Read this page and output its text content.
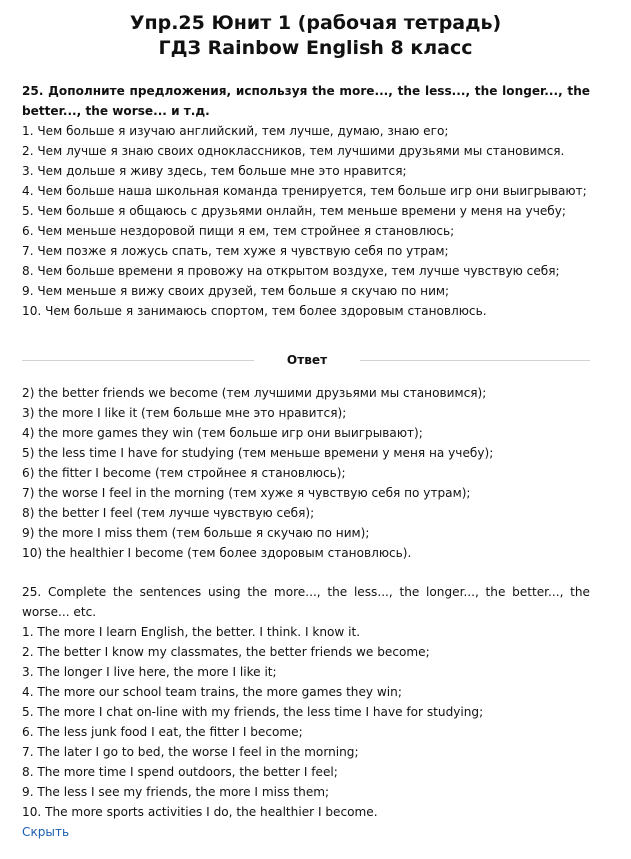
Упр.25 Юнит 1 (рабочая тетрадь)
ГДЗ Rainbow English 8 класс

25. Дополните предложения, используя the more..., the less..., the longer..., the better..., the worse... и т.д.

1. Чем больше я изучаю английский, тем лучше, думаю, знаю его;

2. Чем лучше я знаю своих одноклассников, тем лучшими друзьями мы становимся.

3. Чем дольше я живу здесь, тем больше мне это нравится;

4. Чем больше наша школьная команда тренируется, тем больше игр они выигрывают;

5. Чем больше я общаюсь с друзьями онлайн, тем меньше времени у меня на учебу;

6. Чем меньше нездоровой пищи я ем, тем стройнее я становлюсь;

7. Чем позже я ложусь спать, тем хуже я чувствую себя по утрам;

8. Чем больше времени я провожу на открытом воздухе, тем лучше чувствую себя;

9. Чем меньше я вижу своих друзей, тем больше я скучаю по ним;

10. Чем больше я занимаюсь спортом, тем более здоровым становлюсь.

Ответ

2) the better friends we become (тем лучшими друзьями мы становимся);

3) the more I like it (тем больше мне это нравится);

4) the more games they win (тем больше игр они выигрывают);

5) the less time I have for studying (тем меньше времени у меня на учебу);

6) the fitter I become (тем стройнее я становлюсь);

7) the worse I feel in the morning (тем хуже я чувствую себя по утрам);

8) the better I feel (тем лучше чувствую себя);

9) the more I miss them (тем больше я скучаю по ним);

10) the healthier I become (тем более здоровым становлюсь).

25. Complete the sentences using the more..., the less..., the longer..., the better..., the worse... etc.

1. The more I learn English, the better. I think. I know it.

2. The better I know my classmates, the better friends we become;

3. The longer I live here, the more I like it;

4. The more our school team trains, the more games they win;

5. The more I chat on-line with my friends, the less time I have for studying;

6. The less junk food I eat, the fitter I become;

7. The later I go to bed, the worse I feel in the morning;

8. The more time I spend outdoors, the better I feel;

9. The less I see my friends, the more I miss them;

10. The more sports activities I do, the healthier I become.

Скрыть
